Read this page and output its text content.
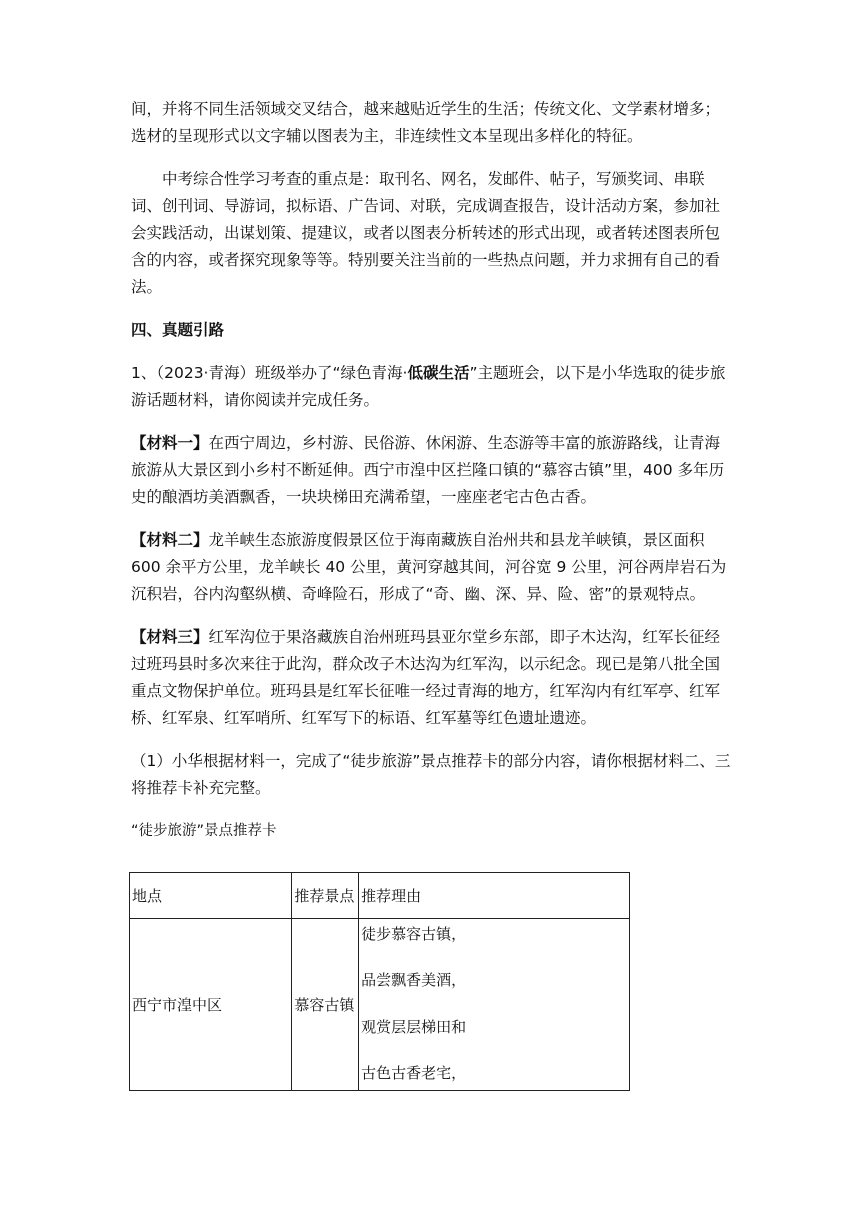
间，并将不同生活领域交叉结合，越来越贴近学生的生活；传统文化、文学素材增多；选材的呈现形式以文字辅以图表为主，非连续性文本呈现出多样化的特征。

中考综合性学习考查的重点是：取刊名、网名，发邮件、帖子，写颁奖词、串联词、创刊词、导游词，拟标语、广告词、对联，完成调查报告，设计活动方案，参加社会实践活动，出谋划策、提建议，或者以图表分析转述的形式出现，或者转述图表所包含的内容，或者探究现象等等。特别要关注当前的一些热点问题，并力求拥有自己的看法。

四、真题引路

1、（2023·青海）班级举办了“绿色青海·低碳生活”主题班会，以下是小华选取的徒步旅游话题材料，请你阅读并完成任务。

【材料一】在西宁周边，乡村游、民俗游、休闲游、生态游等丰富的旅游路线，让青海旅游从大景区到小乡村不断延伸。西宁市湟中区拦隆口镇的“慕容古镇”里，400 多年历史的酿酒坊美酒飘香，一块块梯田充满希望，一座座老宅古色古香。

【材料二】龙羊峡生态旅游度假景区位于海南藏族自治州共和县龙羊峡镇，景区面积 600 余平方公里，龙羊峡长 40 公里，黄河穿越其间，河谷宽 9 公里，河谷两岸岩石为沉积岩，谷内沟壑纵横、奇峰险石，形成了“奇、幽、深、异、险、密”的景观特点。

【材料三】红军沟位于果洛藏族自治州班玛县亚尔堂乡东部，即子木达沟，红军长征经过班玛县时多次来往于此沟，群众改子木达沟为红军沟，以示纪念。现已是第八批全国重点文物保护单位。班玛县是红军长征唯一经过青海的地方，红军沟内有红军亭、红军桥、红军泉、红军哨所、红军写下的标语、红军墓等红色遗址遗迹。

（1）小华根据材料一，完成了“徒步旅游”景点推荐卡的部分内容，请你根据材料二、三将推荐卡补充完整。

“徒步旅游”景点推荐卡

地点	推荐景点	推荐理由
西宁市湟中区	慕容古镇	徒步慕容古镇，
品尝飘香美酒，
观赏层层梯田和
古色古香老宅，
